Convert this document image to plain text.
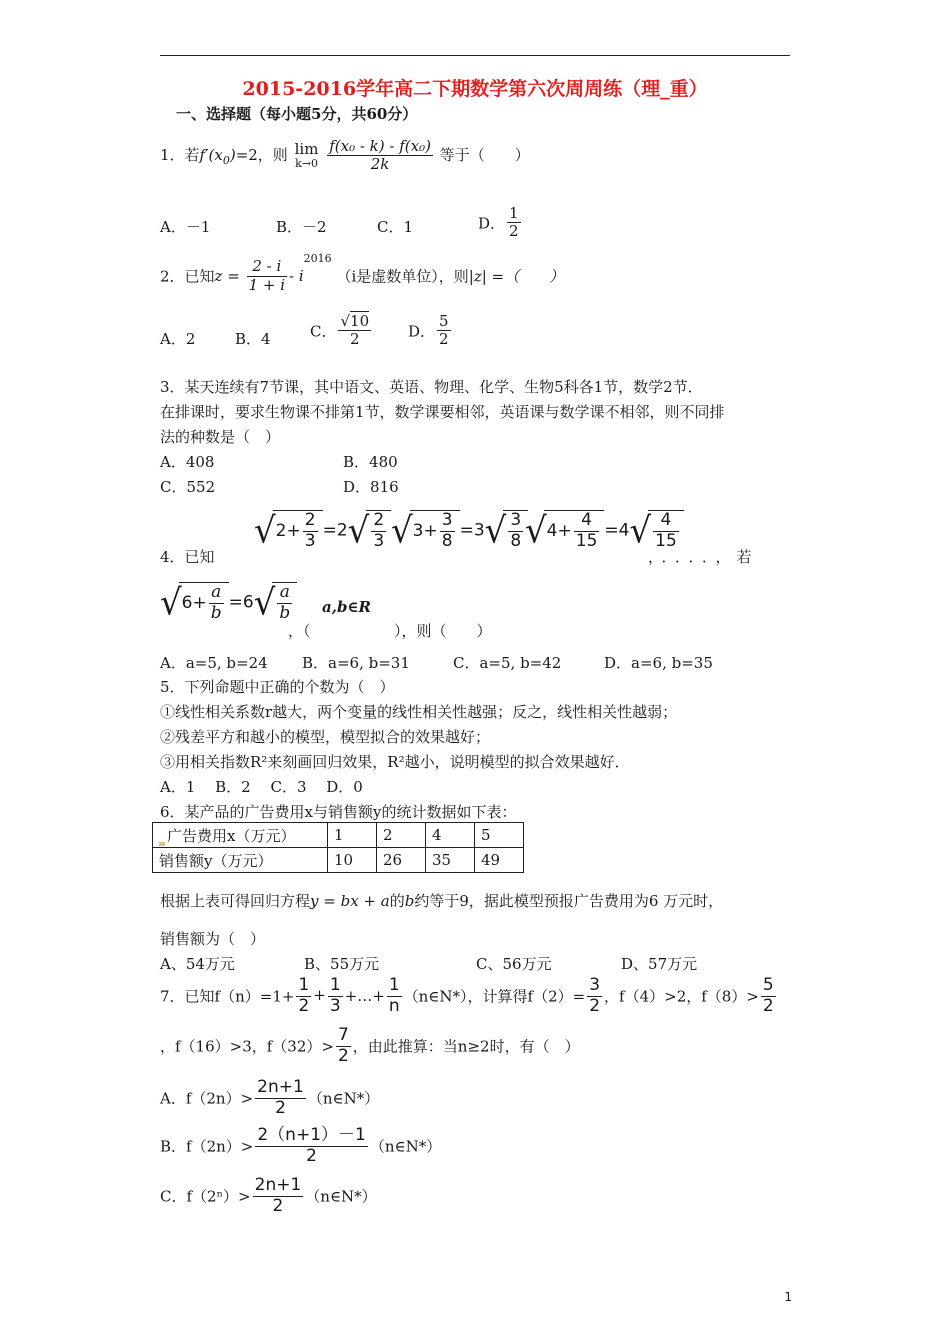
2015-2016学年高二下期数学第六次周周练（理_重）
一、选择题（每小题5分，共60分）
1．若$f'(x_0)=2$，则 lim
k→0
$\frac{\text{f(x₀ - k) - f(x₀)}}{2k}$ 等于（　　）
A．－1	B．－2	C．1	D． $\frac{1}{2}$
2．已知$z = \frac{2 - i}{1 + i} - i^{2016}$ （i是虚数单位），则|z| =（　　）
A．2	B．4	C． $\frac{√10}{2}$ D． $\frac{5}{2}$
3．某天连续有7节课，其中语文、英语、物理、化学、生物5科各1节，数学2节．
在排课时，要求生物课不排第1节，数学课要相邻，英语课与数学课不相邻，则不同排
法的种数是（　）
A．408	B．480
C．552	D．816
4．已知
$√2+ \frac{2}{3} =2√ \frac{2}{3} √3+ \frac{3}{8} =3√ \frac{3}{8} √4+ \frac{4}{15} =4√ \frac{4}{15}$
，．．．．，若
$√6+ \frac{a}{b} =6√ \frac{a}{b}$ a,b∈R
，（	），则（　　）
A．a=5, b=24 B．a=6, b=31	C．a=5, b=42	D．a=6, b=35
5．下列命题中正确的个数为（　）
①线性相关系数r越大，两个变量的线性相关性越强；反之，线性相关性越弱；
②残差平方和越小的模型，模型拟合的效果越好；
③用相关指数R²来刻画回归效果，R²越小，说明模型的拟合效果越好．
A．1　 B．2　 C．3　 D．0
6．某产品的广告费用x与销售额y的统计数据如下表：
广告费用x（万元）	1	2	4	5
销售额y（万元）	10	26	35	49
根据上表可得回归方程y = bx + a的b约等于9，据此模型预报广告费用为6 万元时，
销售额为（　）
A、54万元	B、55万元	C、56万元	D、57万元
7．已知$f(n)=1+ \frac{1}{2} + \frac{1}{3}$ +…+ $\frac{1}{n}$ （n∈N*），计算得$f(2)= \frac{3}{2}$ ，f（4）>2，$f(8)> \frac{5}{2}$
，f（16）>3，$f(32)> \frac{7}{2}$ ，由此推算：当n≥2时，有（　）
A．$f(2n)> \frac{2n+1}{2}$ （n∈N*）
B．$f(2n)> \frac{2(n+1)-1}{2}$ （n∈N*）
C．$f(2^n)> \frac{2n+1}{2}$ （n∈N*）
1
